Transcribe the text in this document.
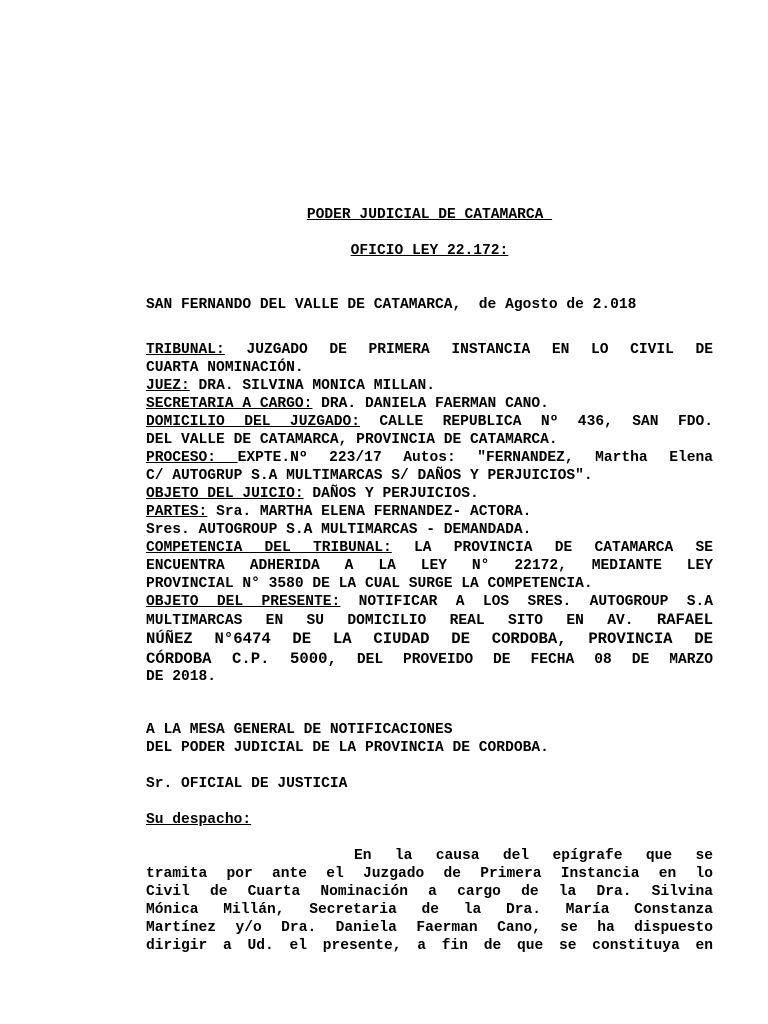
PODER JUDICIAL DE CATAMARCA
OFICIO LEY 22.172:
SAN FERNANDO DEL VALLE DE CATAMARCA,  de Agosto de 2.018
TRIBUNAL: JUZGADO DE PRIMERA INSTANCIA EN LO CIVIL DE
CUARTA NOMINACIÓN.
JUEZ: DRA. SILVINA MONICA MILLAN.
SECRETARIA A CARGO: DRA. DANIELA FAERMAN CANO.
DOMICILIO DEL JUZGADO: CALLE REPUBLICA Nº 436, SAN FDO.
DEL VALLE DE CATAMARCA, PROVINCIA DE CATAMARCA.
PROCESO: EXPTE.Nº 223/17 Autos: "FERNANDEZ, Martha Elena
C/ AUTOGRUP S.A MULTIMARCAS S/ DAÑOS Y PERJUICIOS".
OBJETO DEL JUICIO: DAÑOS Y PERJUICIOS.
PARTES: Sra. MARTHA ELENA FERNANDEZ- ACTORA.
Sres. AUTOGROUP S.A MULTIMARCAS - DEMANDADA.
COMPETENCIA DEL TRIBUNAL: LA PROVINCIA DE CATAMARCA SE
ENCUENTRA ADHERIDA A LA LEY N° 22172, MEDIANTE LEY
PROVINCIAL N° 3580 DE LA CUAL SURGE LA COMPETENCIA.
OBJETO DEL PRESENTE: NOTIFICAR A LOS SRES. AUTOGROUP S.A
MULTIMARCAS EN SU DOMICILIO REAL SITO EN AV. RAFAEL
NÚÑEZ N°6474 DE LA CIUDAD DE CORDOBA, PROVINCIA DE
CÓRDOBA C.P. 5000, DEL PROVEIDO DE FECHA 08 DE MARZO
DE 2018.
A LA MESA GENERAL DE NOTIFICACIONES
DEL PODER JUDICIAL DE LA PROVINCIA DE CORDOBA.
Sr. OFICIAL DE JUSTICIA
Su despacho:
En la causa del epígrafe que se
tramita por ante el Juzgado de Primera Instancia en lo
Civil de Cuarta Nominación a cargo de la Dra. Silvina
Mónica Millán, Secretaria de la Dra. María Constanza
Martínez y/o Dra. Daniela Faerman Cano, se ha dispuesto
dirigir a Ud. el presente, a fin de que se constituya en
